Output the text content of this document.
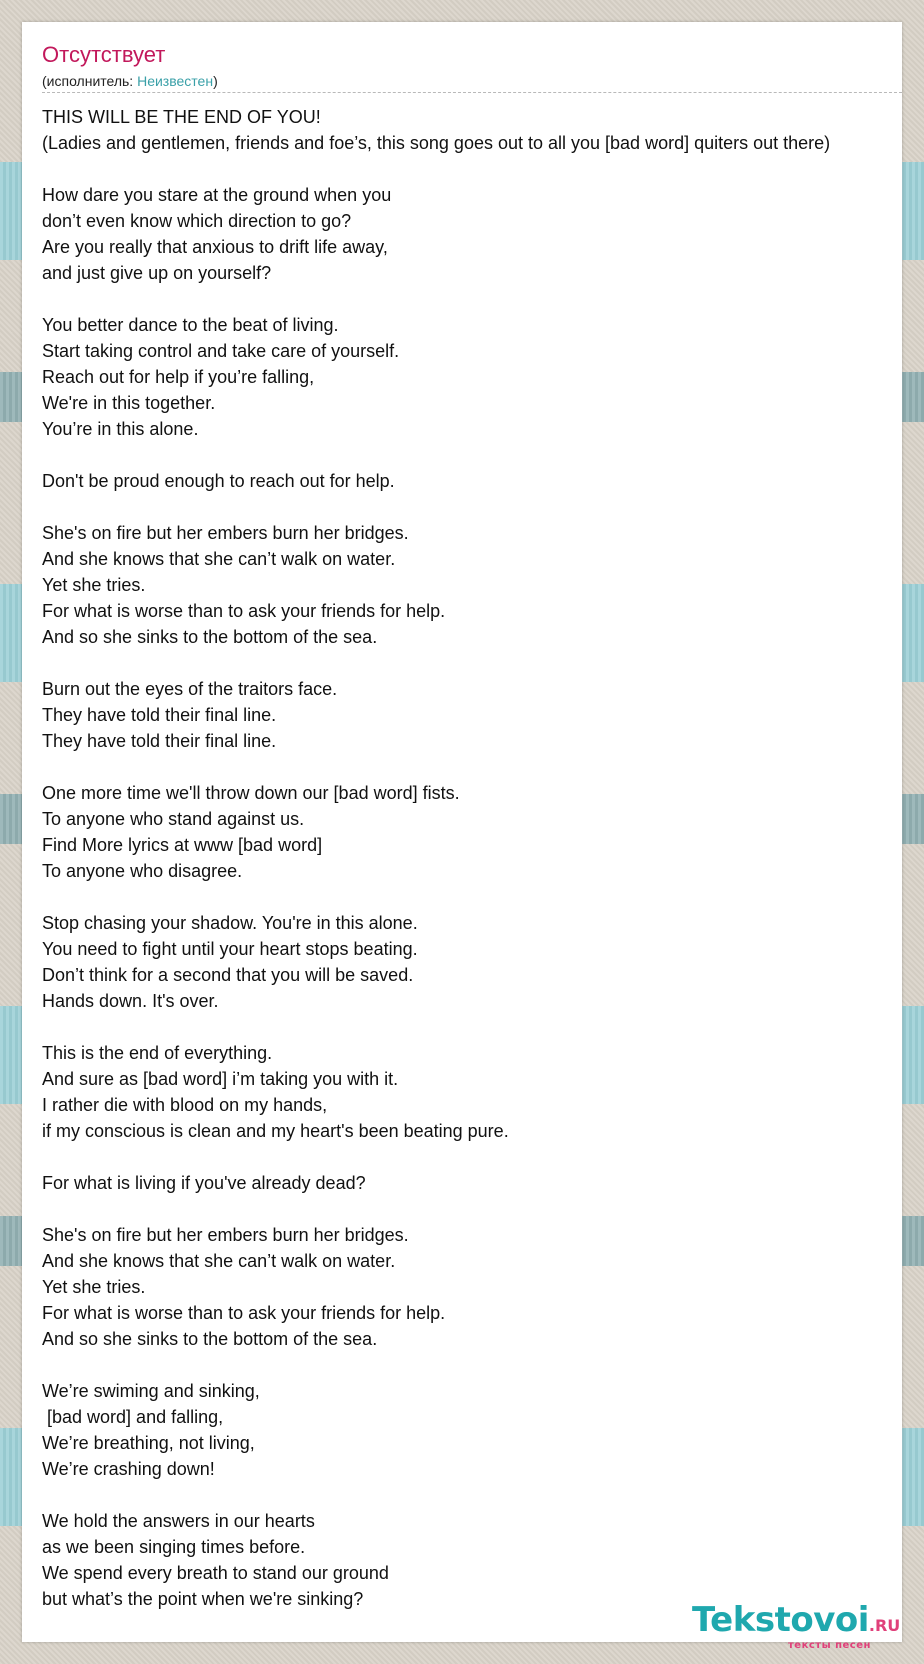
Отсутствует
(исполнитель: Неизвестен)
THIS WILL BE THE END OF YOU!
(Ladies and gentlemen, friends and foe’s, this song goes out to all you [bad word] quiters out there)
How dare you stare at the ground when you
don’t even know which direction to go?
Are you really that anxious to drift life away,
and just give up on yourself?
You better dance to the beat of living.
Start taking control and take care of yourself.
Reach out for help if you’re falling,
We're in this together.
You’re in this alone.
Don't be proud enough to reach out for help.
She's on fire but her embers burn her bridges.
And she knows that she can’t walk on water.
Yet she tries.
For what is worse than to ask your friends for help.
And so she sinks to the bottom of the sea.
Burn out the eyes of the traitors face.
They have told their final line.
They have told their final line.
One more time we'll throw down our [bad word] fists.
To anyone who stand against us.
Find More lyrics at www [bad word]
To anyone who disagree.
Stop chasing your shadow. You're in this alone.
You need to fight until your heart stops beating.
Don’t think for a second that you will be saved.
Hands down. It's over.
This is the end of everything.
And sure as [bad word] i’m taking you with it.
I rather die with blood on my hands,
if my conscious is clean and my heart's been beating pure.
For what is living if you've already dead?
She's on fire but her embers burn her bridges.
And she knows that she can’t walk on water.
Yet she tries.
For what is worse than to ask your friends for help.
And so she sinks to the bottom of the sea.
We’re swiming and sinking,
[bad word] and falling,
We’re breathing, not living,
We’re crashing down!
We hold the answers in our hearts
as we been singing times before.
We spend every breath to stand our ground
but what’s the point when we're sinking?
Tekstovoi.RU
тексты песен
